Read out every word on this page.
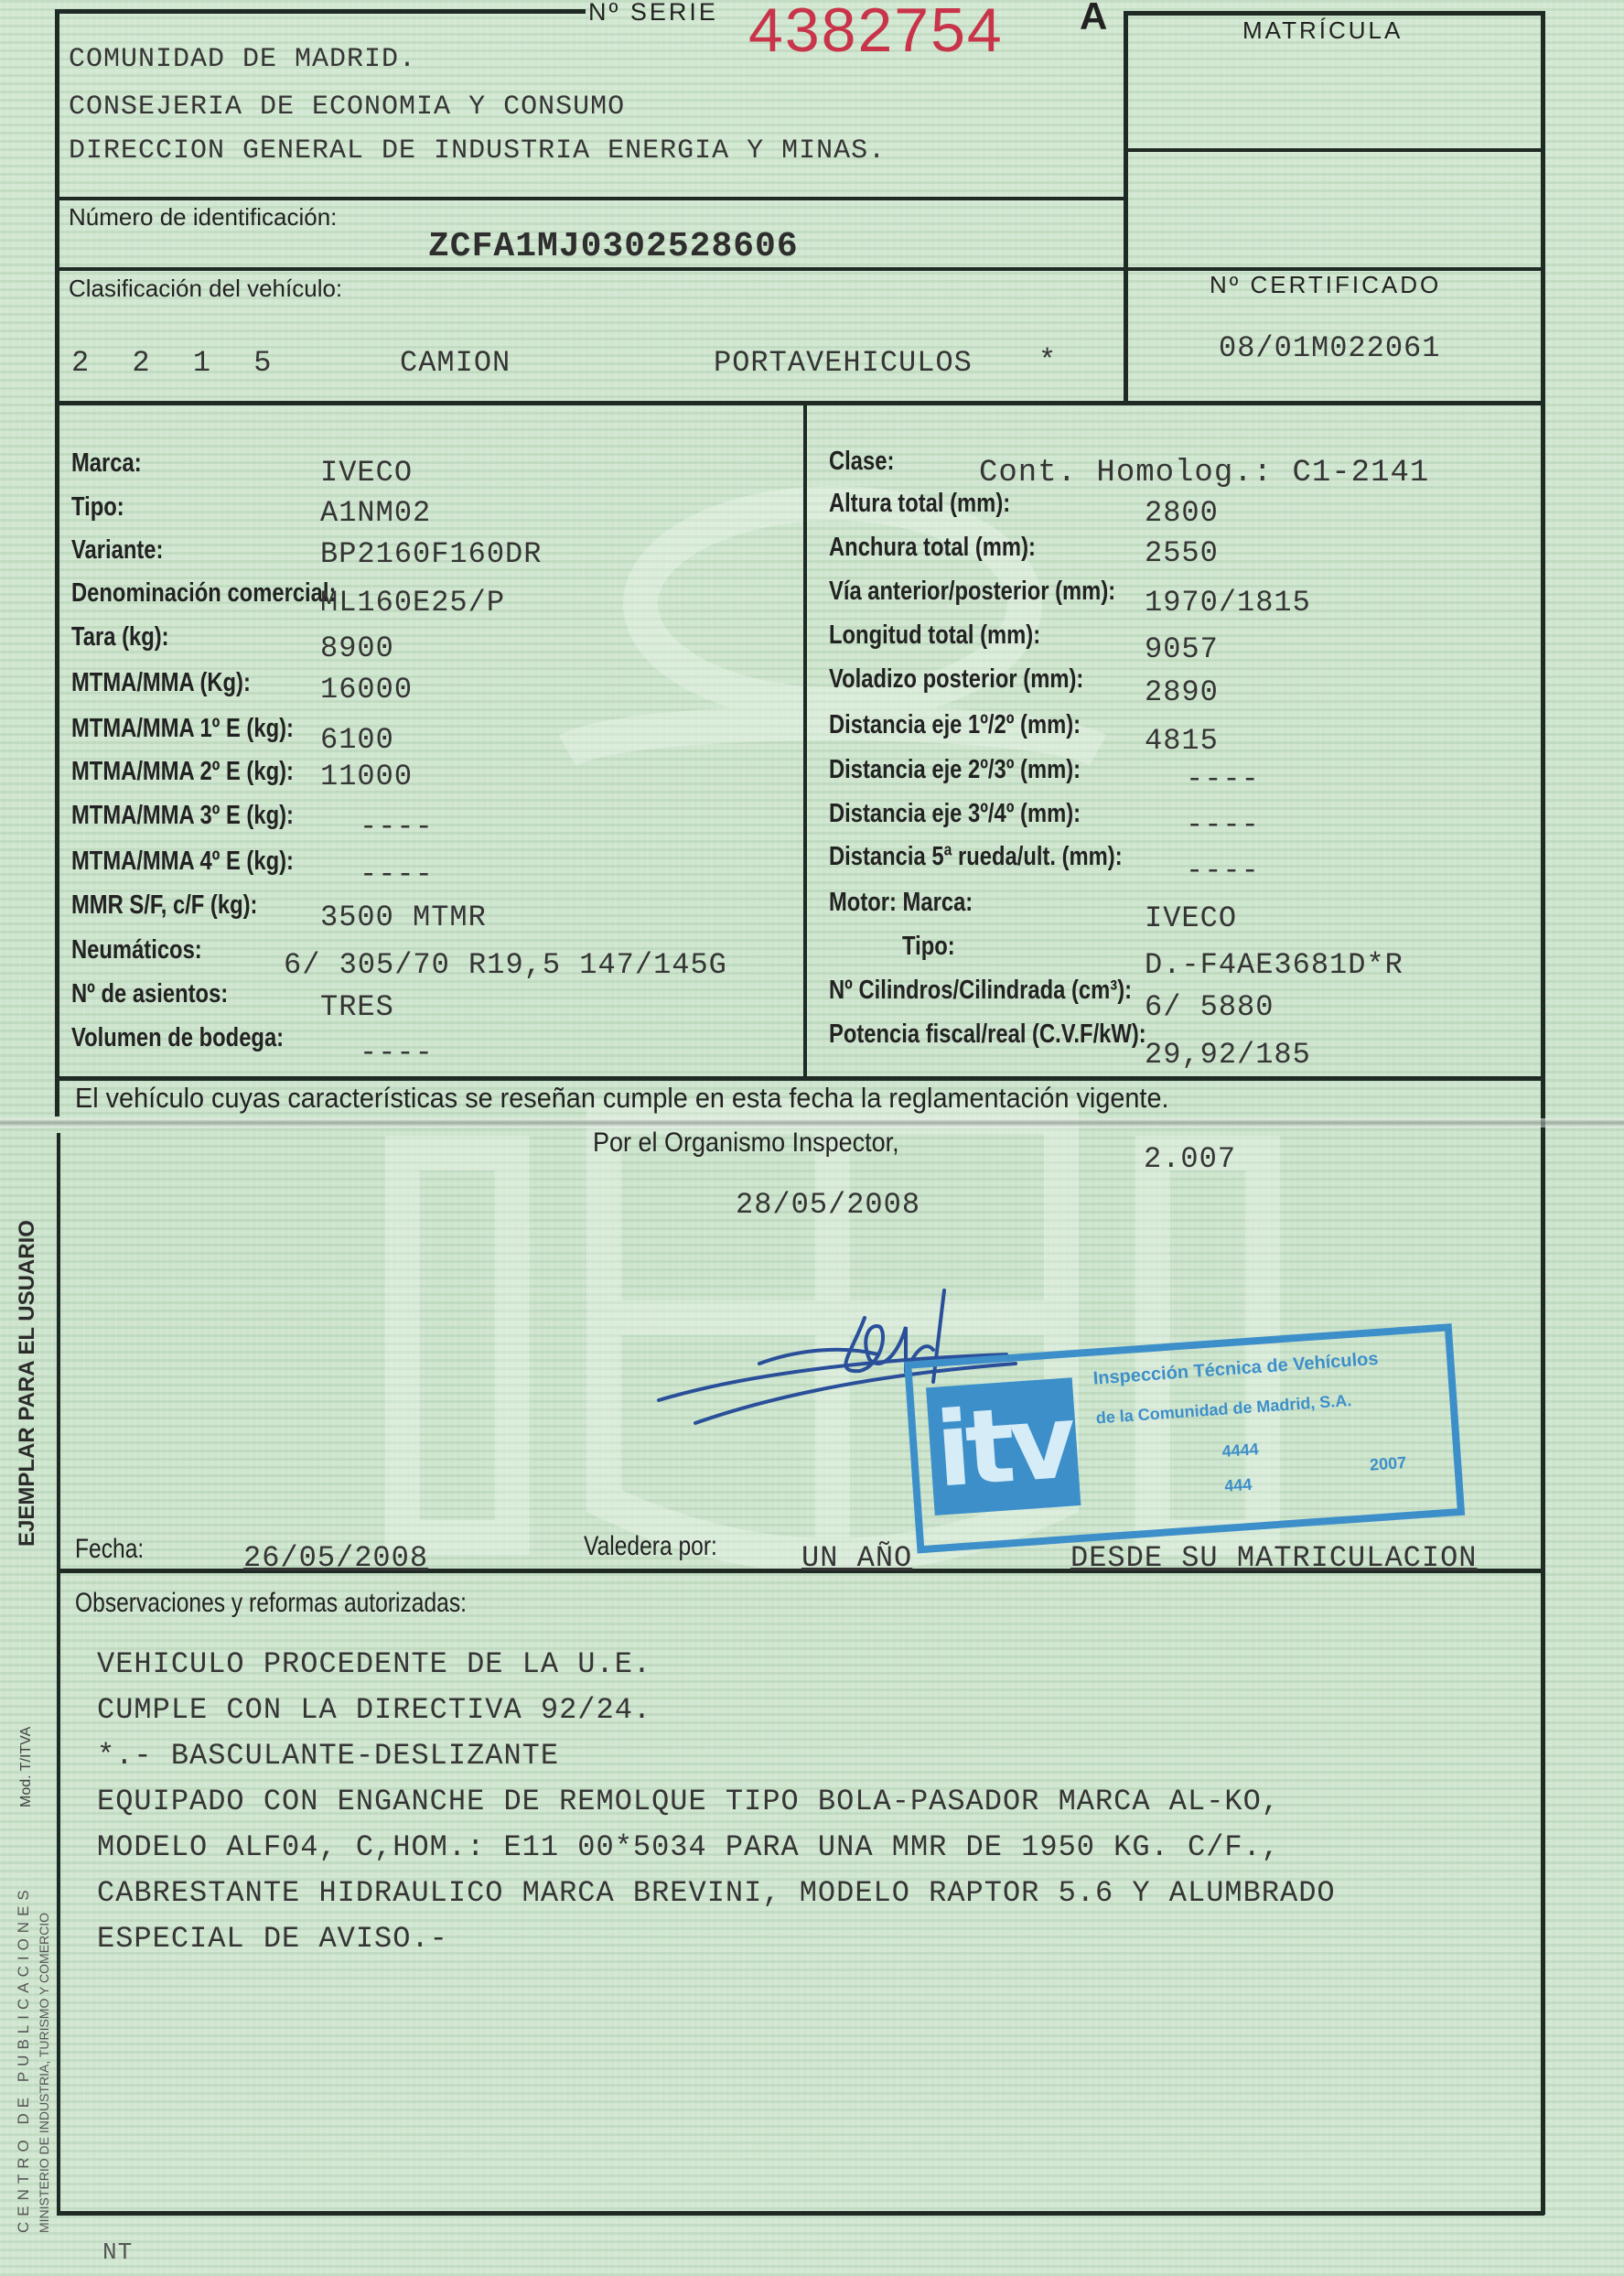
Nº SERIE 4382754 A	MATRÍCULA
Nº CERTIFICADO
08/01M022061
COMUNIDAD DE MADRID.
CONSEJERIA DE ECONOMIA Y CONSUMO
DIRECCION GENERAL DE INDUSTRIA ENERGIA Y MINAS.
Número de identificación:
ZCFA1MJ0302528606
Clasificación del vehículo:
2 2 1 5	CAMION	PORTAVEHICULOS *
Marca:	IVECO
Tipo:	A1NM02
Variante:	BP2160F160DR
Denominación comercial:
ML160E25/P
Tara (kg):	8900
MTMA/MMA (Kg): 16000
MTMA/MMA 1º E (kg): 6100
MTMA/MMA 2º E (kg): 11000
MTMA/MMA 3º E (kg): ----
MTMA/MMA 4º E (kg): ----
MMR S/F, c/F (kg): 3500 MTMR
Neumáticos:	6/ 305/70 R19,5 147/145G
Nº de asientos:	TRES
Volumen de bodega:	----
Clase:	Cont. Homolog.: C1-2141
Altura total (mm):	2800
Anchura total (mm):	2550
Vía anterior/posterior (mm): 1970/1815
Longitud total (mm):	9057
Voladizo posterior (mm): 2890
Distancia eje 1º/2º (mm): 4815
Distancia eje 2º/3º (mm):	----
Distancia eje 3º/4º (mm):	----
Distancia 5ª rueda/ult. (mm): ----
Motor: Marca:	IVECO
Tipo:
D.-F4AE3681D*R
Nº Cilindros/Cilindrada (cm³): 6/ 5880
Potencia fiscal/real (C.V.F/kW):
29,92/185
El vehículo cuyas características se reseñan cumple en esta fecha la reglamentación vigente.
Por el Organismo Inspector,	2.007
28/05/2008
itv
Inspección Técnica de Vehículos
de la Comunidad de Madrid, S.A.
4444
444
2007
Fecha:	26/05/2008	Valedera por:	UN AÑO	DESDE SU MATRICULACION
Observaciones y reformas autorizadas:
VEHICULO PROCEDENTE DE LA U.E.
CUMPLE CON LA DIRECTIVA 92/24.
*.- BASCULANTE-DESLIZANTE
EQUIPADO CON ENGANCHE DE REMOLQUE TIPO BOLA-PASADOR MARCA AL-KO,
MODELO ALF04, C,HOM.: E11 00*5034 PARA UNA MMR DE 1950 KG. C/F.,
CABRESTANTE HIDRAULICO MARCA BREVINI, MODELO RAPTOR 5.6 Y ALUMBRADO
ESPECIAL DE AVISO.-
EJEMPLAR PARA EL USUARIO
Mod. T/ITVA
CENTRO DE PUBLICACIONES MINISTERIO DE INDUSTRIA, TURISMO Y COMERCIO
NT
